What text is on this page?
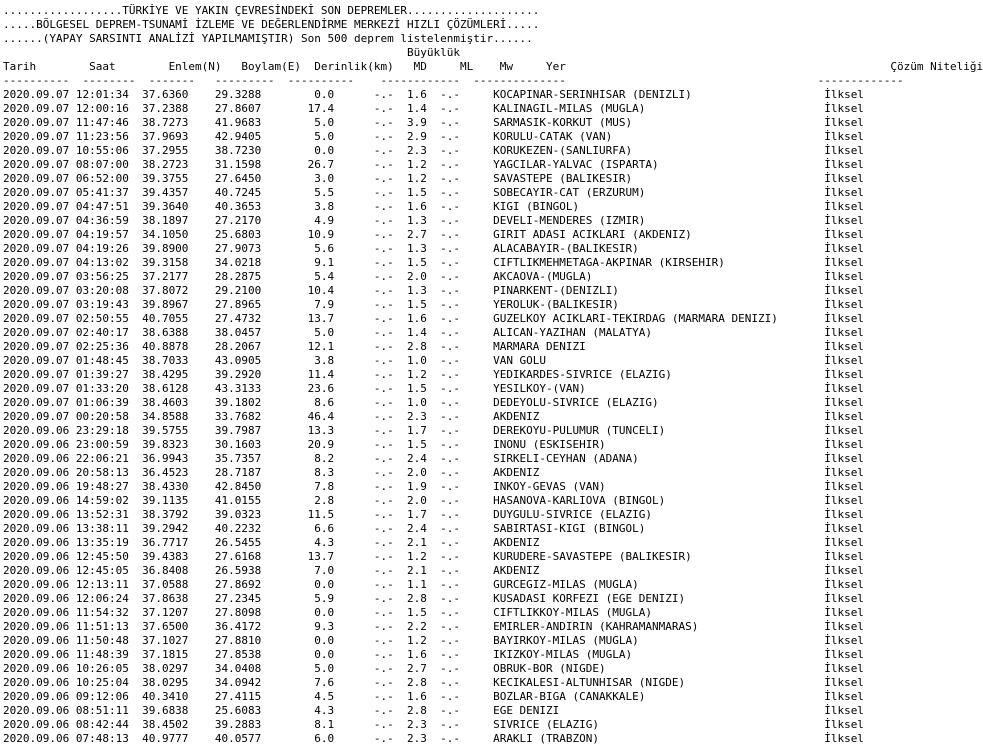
..................TÜRKİYE VE YAKIN ÇEVRESİNDEKİ SON DEPREMLER....................
.....BÖLGESEL DEPREM-TSUNAMİ İZLEME VE DEĞERLENDİRME MERKEZİ HIZLI ÇÖZÜMLERİ.....
......(YAPAY SARSINTI ANALİZİ YAPILMAMIŞTIR) Son 500 deprem listelenmiştir......
Büyüklük
Tarih        Saat        Enlem(N)   Boylam(E)  Derinlik(km)   MD     ML    Mw     Yer                                                 Çözüm Niteliği
----------  --------  -------   ---------  ----------    ------------  --------------                                      -------------
2020.09.07 12:01:34  37.6360    29.3288        0.0      -.-  1.6  -.-     KOCAPINAR-SERINHISAR (DENIZLI)                    İlksel
2020.09.07 12:00:16  37.2388    27.8607       17.4      -.-  1.4  -.-     KALINAGIL-MILAS (MUGLA)                           İlksel
2020.09.07 11:47:46  38.7273    41.9683        5.0      -.-  3.9  -.-     SARMASIK-KORKUT (MUS)                             İlksel
2020.09.07 11:23:56  37.9693    42.9405        5.0      -.-  2.9  -.-     KORULU-CATAK (VAN)                                İlksel
2020.09.07 10:55:06  37.2955    38.7230        0.0      -.-  2.3  -.-     KORUKEZEN-(SANLIURFA)                             İlksel
2020.09.07 08:07:00  38.2723    31.1598       26.7      -.-  1.2  -.-     YAGCILAR-YALVAC (ISPARTA)                         İlksel
2020.09.07 06:52:00  39.3755    27.6450        3.0      -.-  1.2  -.-     SAVASTEPE (BALIKESIR)                             İlksel
2020.09.07 05:41:37  39.4357    40.7245        5.5      -.-  1.5  -.-     SOBECAYIR-CAT (ERZURUM)                           İlksel
2020.09.07 04:47:51  39.3640    40.3653        3.8      -.-  1.6  -.-     KIGI (BINGOL)                                     İlksel
2020.09.07 04:36:59  38.1897    27.2170        4.9      -.-  1.3  -.-     DEVELI-MENDERES (IZMIR)                           İlksel
2020.09.07 04:19:57  34.1050    25.6803       10.9      -.-  2.7  -.-     GIRIT ADASI ACIKLARI (AKDENIZ)                    İlksel
2020.09.07 04:19:26  39.8900    27.9073        5.6      -.-  1.3  -.-     ALACABAYIR-(BALIKESIR)                            İlksel
2020.09.07 04:13:02  39.3158    34.0218        9.1      -.-  1.5  -.-     CIFTLIKMEHMETAGA-AKPINAR (KIRSEHIR)               İlksel
2020.09.07 03:56:25  37.2177    28.2875        5.4      -.-  2.0  -.-     AKCAOVA-(MUGLA)                                   İlksel
2020.09.07 03:20:08  37.8072    29.2100       10.4      -.-  1.3  -.-     PINARKENT-(DENIZLI)                               İlksel
2020.09.07 03:19:43  39.8967    27.8965        7.9      -.-  1.5  -.-     YEROLUK-(BALIKESIR)                               İlksel
2020.09.07 02:50:55  40.7055    27.4732       13.7      -.-  1.6  -.-     GUZELKOY ACIKLARI-TEKIRDAG (MARMARA DENIZI)       İlksel
2020.09.07 02:40:17  38.6388    38.0457        5.0      -.-  1.4  -.-     ALICAN-YAZIHAN (MALATYA)                          İlksel
2020.09.07 02:25:36  40.8878    28.2067       12.1      -.-  2.8  -.-     MARMARA DENIZI                                    İlksel
2020.09.07 01:48:45  38.7033    43.0905        3.8      -.-  1.0  -.-     VAN GOLU                                          İlksel
2020.09.07 01:39:27  38.4295    39.2920       11.4      -.-  1.2  -.-     YEDIKARDES-SIVRICE (ELAZIG)                       İlksel
2020.09.07 01:33:20  38.6128    43.3133       23.6      -.-  1.5  -.-     YESILKOY-(VAN)                                    İlksel
2020.09.07 01:06:39  38.4603    39.1802        8.6      -.-  1.0  -.-     DEDEYOLU-SIVRICE (ELAZIG)                         İlksel
2020.09.07 00:20:58  34.8588    33.7682       46.4      -.-  2.3  -.-     AKDENIZ                                           İlksel
2020.09.06 23:29:18  39.5755    39.7987       13.3      -.-  1.7  -.-     DEREKOYU-PULUMUR (TUNCELI)                        İlksel
2020.09.06 23:00:59  39.8323    30.1603       20.9      -.-  1.5  -.-     INONU (ESKISEHIR)                                 İlksel
2020.09.06 22:06:21  36.9943    35.7357        8.2      -.-  2.4  -.-     SIRKELI-CEYHAN (ADANA)                            İlksel
2020.09.06 20:58:13  36.4523    28.7187        8.3      -.-  2.0  -.-     AKDENIZ                                           İlksel
2020.09.06 19:48:27  38.4330    42.8450        7.8      -.-  1.9  -.-     INKOY-GEVAS (VAN)                                 İlksel
2020.09.06 14:59:02  39.1135    41.0155        2.8      -.-  2.0  -.-     HASANOVA-KARLIOVA (BINGOL)                        İlksel
2020.09.06 13:52:31  38.3792    39.0323       11.5      -.-  1.7  -.-     DUYGULU-SIVRICE (ELAZIG)                          İlksel
2020.09.06 13:38:11  39.2942    40.2232        6.6      -.-  2.4  -.-     SABIRTASI-KIGI (BINGOL)                           İlksel
2020.09.06 13:35:19  36.7717    26.5455        4.3      -.-  2.1  -.-     AKDENIZ                                           İlksel
2020.09.06 12:45:50  39.4383    27.6168       13.7      -.-  1.2  -.-     KURUDERE-SAVASTEPE (BALIKESIR)                    İlksel
2020.09.06 12:45:05  36.8408    26.5938        7.0      -.-  2.1  -.-     AKDENIZ                                           İlksel
2020.09.06 12:13:11  37.0588    27.8692        0.0      -.-  1.1  -.-     GURCEGIZ-MILAS (MUGLA)                            İlksel
2020.09.06 12:06:24  37.8638    27.2345        5.9      -.-  2.8  -.-     KUSADASI KORFEZI (EGE DENIZI)                     İlksel
2020.09.06 11:54:32  37.1207    27.8098        0.0      -.-  1.5  -.-     CIFTLIKKOY-MILAS (MUGLA)                          İlksel
2020.09.06 11:51:13  37.6500    36.4172        9.3      -.-  2.2  -.-     EMIRLER-ANDIRIN (KAHRAMANMARAS)                   İlksel
2020.09.06 11:50:48  37.1027    27.8810        0.0      -.-  1.2  -.-     BAYIRKOY-MILAS (MUGLA)                            İlksel
2020.09.06 11:48:39  37.1815    27.8538        0.0      -.-  1.6  -.-     IKIZKOY-MILAS (MUGLA)                             İlksel
2020.09.06 10:26:05  38.0297    34.0408        5.0      -.-  2.7  -.-     OBRUK-BOR (NIGDE)                                 İlksel
2020.09.06 10:25:04  38.0295    34.0942        7.6      -.-  2.8  -.-     KECIKALESI-ALTUNHISAR (NIGDE)                     İlksel
2020.09.06 09:12:06  40.3410    27.4115        4.5      -.-  1.6  -.-     BOZLAR-BIGA (CANAKKALE)                           İlksel
2020.09.06 08:51:11  39.6838    25.6083        4.3      -.-  2.8  -.-     EGE DENIZI                                        İlksel
2020.09.06 08:42:44  38.4502    39.2883        8.1      -.-  2.3  -.-     SIVRICE (ELAZIG)                                  İlksel
2020.09.06 07:48:13  40.9777    40.0577        6.0      -.-  2.3  -.-     ARAKLI (TRABZON)                                  İlksel
